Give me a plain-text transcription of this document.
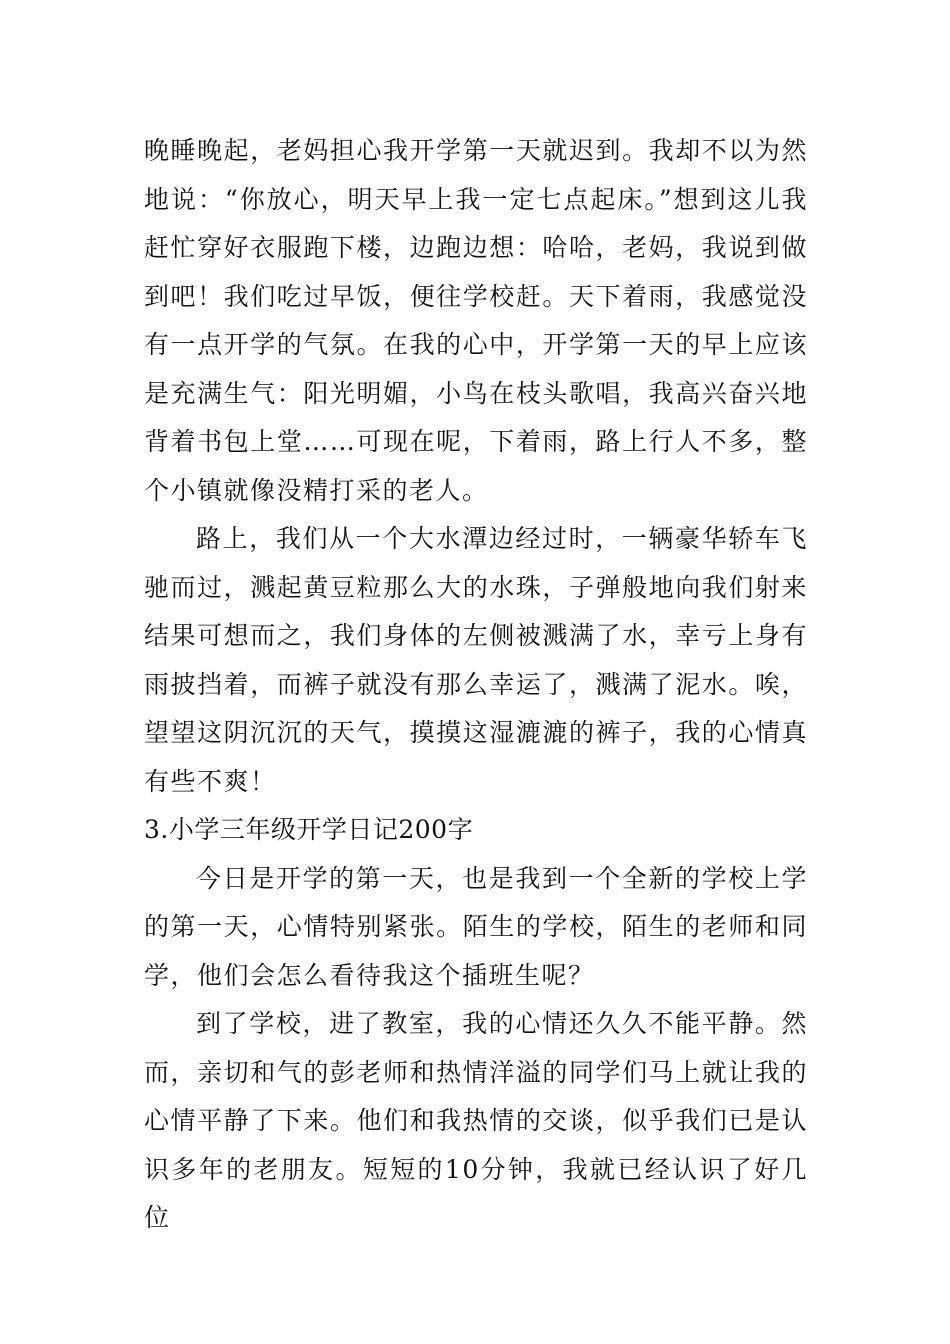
晚睡晚起，老妈担心我开学第一天就迟到。我却不以为然地说：“你放心，明天早上我一定七点起床。”想到这儿我赶忙穿好衣服跑下楼，边跑边想：哈哈，老妈，我说到做到吧！我们吃过早饭，便往学校赶。天下着雨，我感觉没有一点开学的气氛。在我的心中，开学第一天的早上应该是充满生气：阳光明媚，小鸟在枝头歌唱，我高兴奋兴地背着书包上堂……可现在呢，下着雨，路上行人不多，整个小镇就像没精打采的老人。

路上，我们从一个大水潭边经过时，一辆豪华轿车飞驰而过，溅起黄豆粒那么大的水珠，子弹般地向我们射来结果可想而之，我们身体的左侧被溅满了水，幸亏上身有雨披挡着，而裤子就没有那么幸运了，溅满了泥水。唉，望望这阴沉沉的天气，摸摸这湿漉漉的裤子，我的心情真有些不爽！

3.小学三年级开学日记200字

今日是开学的第一天，也是我到一个全新的学校上学的第一天，心情特别紧张。陌生的学校，陌生的老师和同学，他们会怎么看待我这个插班生呢？

到了学校，进了教室，我的心情还久久不能平静。然而，亲切和气的彭老师和热情洋溢的同学们马上就让我的心情平静了下来。他们和我热情的交谈，似乎我们已是认识多年的老朋友。短短的10分钟，我就已经认识了好几位
